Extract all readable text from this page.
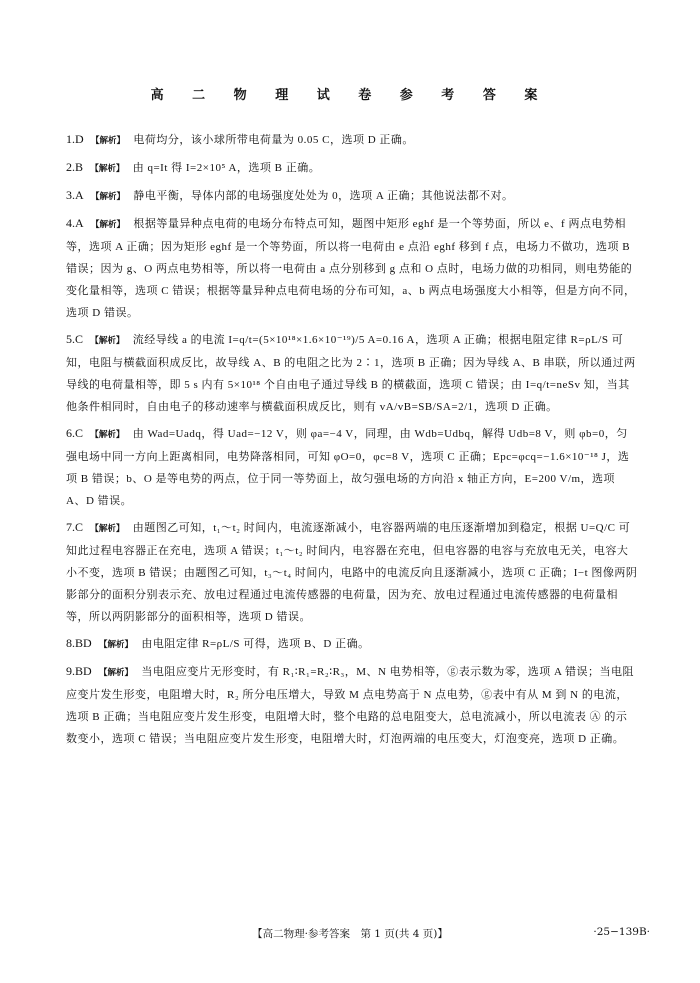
高 二 物 理 试 卷 参 考 答 案
1.D 【解析】 电荷均分，该小球所带电荷量为 0.05 C，选项 D 正确。
2.B 【解析】 由 q=It 得 I=2×10⁵ A，选项 B 正确。
3.A 【解析】 静电平衡，导体内部的电场强度处处为 0，选项 A 正确；其他说法都不对。
4.A 【解析】 根据等量异种点电荷的电场分布特点可知，题图中矩形 eghf 是一个等势面，所以 e、f 两点电势相等，选项 A 正确；因为矩形 eghf 是一个等势面，所以将一电荷由 e 点沿 eghf 移到 f 点，电场力不做功，选项 B 错误；因为 g、O 两点电势相等，所以将一电荷由 a 点分别移到 g 点和 O 点时，电场力做的功相同，则电势能的变化量相等，选项 C 错误；根据等量异种点电荷电场的分布可知，a、b 两点电场强度大小相等，但是方向不同，选项 D 错误。
5.C 【解析】 流经导线 a 的电流 I=q/t=(5×10¹⁸×1.6×10⁻¹⁹)/5 A=0.16 A，选项 A 正确；根据电阻定律 R=ρL/S 可知，电阻与横截面积成反比，故导线 A、B 的电阻之比为 2∶1，选项 B 正确；因为导线 A、B 串联，所以通过两导线的电荷量相等，即 5 s 内有 5×10¹⁸ 个自由电子通过导线 B 的横截面，选项 C 错误；由 I=q/t=neSv 知，当其他条件相同时，自由电子的移动速率与横截面积成反比，则有 vA/vB=SB/SA=2/1，选项 D 正确。
6.C 【解析】 由 Wad=Uadq，得 Uad=−12 V，则 φa=−4 V，同理，由 Wdb=Udbq，解得 Udb=8 V，则 φb=0，匀强电场中同一方向上距离相同，电势降落相同，可知 φO=0，φc=8 V，选项 C 正确；Epc=φcq=−1.6×10⁻¹⁸ J，选项 B 错误；b、O 是等电势的两点，位于同一等势面上，故匀强电场的方向沿 x 轴正方向，E=200 V/m，选项 A、D 错误。
7.C 【解析】 由题图乙可知，t₁～t₂ 时间内，电流逐渐减小，电容器两端的电压逐渐增加到稳定，根据 U=Q/C 可知此过程电容器正在充电，选项 A 错误；t₁～t₂ 时间内，电容器在充电，但电容器的电容与充放电无关，电容大小不变，选项 B 错误；由题图乙可知，t₃～t₄ 时间内，电路中的电流反向且逐渐减小，选项 C 正确；I−t 图像两阴影部分的面积分别表示充、放电过程通过电流传感器的电荷量，因为充、放电过程通过电流传感器的电荷量相等，所以两阴影部分的面积相等，选项 D 错误。
8.BD 【解析】 由电阻定律 R=ρL/S 可得，选项 B、D 正确。
9.BD 【解析】 当电阻应变片无形变时，有 R₁∶R₁=R₂∶R₃，M、N 电势相等，ⓖ表示数为零，选项 A 错误；当电阻应变片发生形变，电阻增大时，R₂ 所分电压增大，导致 M 点电势高于 N 点电势，ⓖ表中有从 M 到 N 的电流，选项 B 正确；当电阻应变片发生形变，电阻增大时，整个电路的总电阻变大，总电流减小，所以电流表 Ⓐ 的示数变小，选项 C 错误；当电阻应变片发生形变，电阻增大时，灯泡两端的电压变大，灯泡变亮，选项 D 正确。
【高二物理·参考答案　第 1 页(共 4 页)】	·25−139B·
